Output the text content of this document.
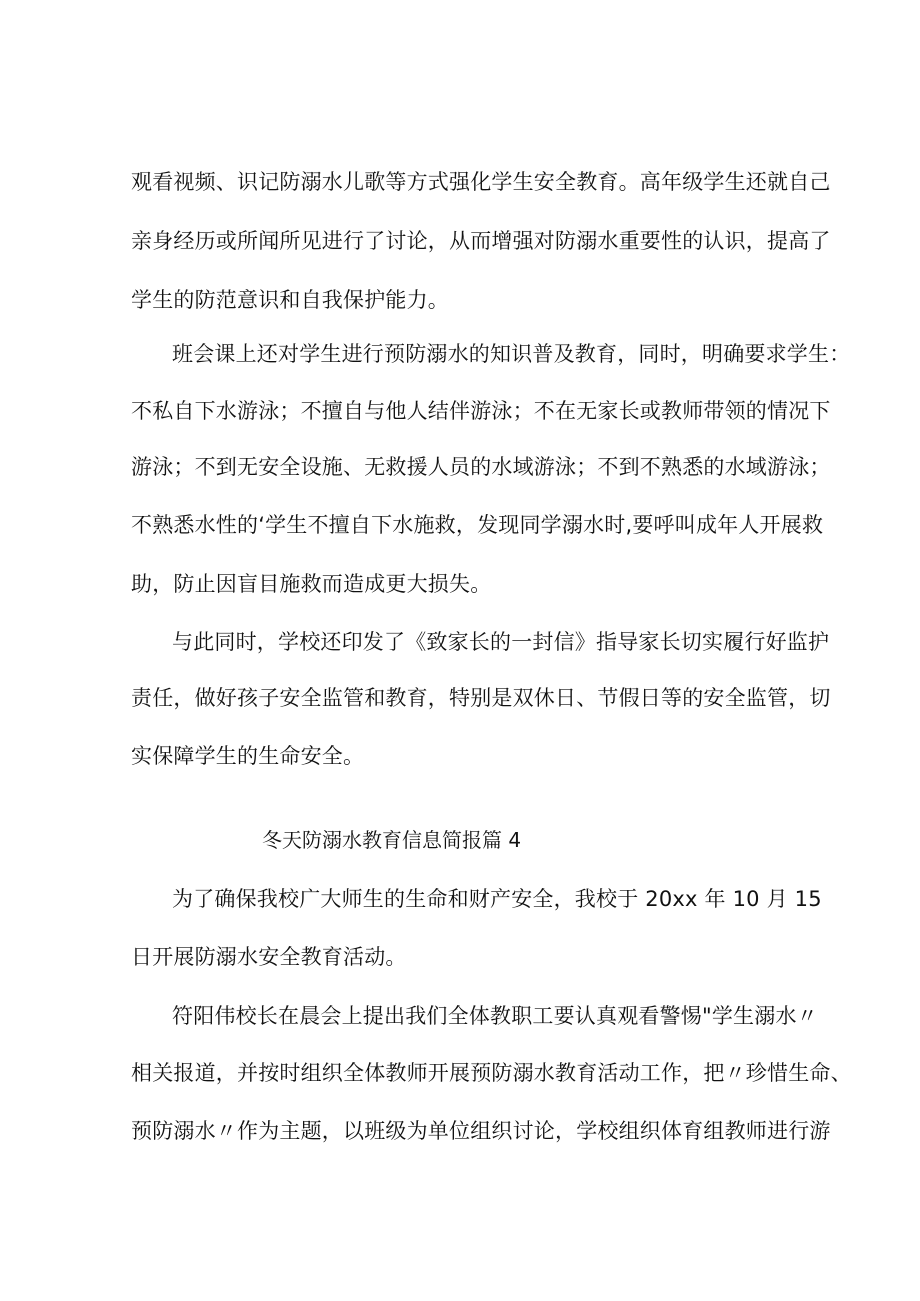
观看视频、识记防溺水儿歌等方式强化学生安全教育。高年级学生还就自己
亲身经历或所闻所见进行了讨论，从而增强对防溺水重要性的认识，提高了
学生的防范意识和自我保护能力。
班会课上还对学生进行预防溺水的知识普及教育，同时，明确要求学生：
不私自下水游泳；不擅自与他人结伴游泳；不在无家长或教师带领的情况下
游泳；不到无安全设施、无救援人员的水域游泳；不到不熟悉的水域游泳；
不熟悉水性的‘学生不擅自下水施救，发现同学溺水时,要呼叫成年人开展救
助，防止因盲目施救而造成更大损失。
与此同时，学校还印发了《致家长的一封信》指导家长切实履行好监护
责任，做好孩子安全监管和教育，特别是双休日、节假日等的安全监管，切
实保障学生的生命安全。
冬天防溺水教育信息简报篇 4
为了确保我校广大师生的生命和财产安全，我校于 20xx 年 10 月 15
日开展防溺水安全教育活动。
符阳伟校长在晨会上提出我们全体教职工要认真观看警惕"学生溺水〃
相关报道，并按时组织全体教师开展预防溺水教育活动工作，把〃珍惜生命、
预防溺水〃作为主题，以班级为单位组织讨论，学校组织体育组教师进行游
